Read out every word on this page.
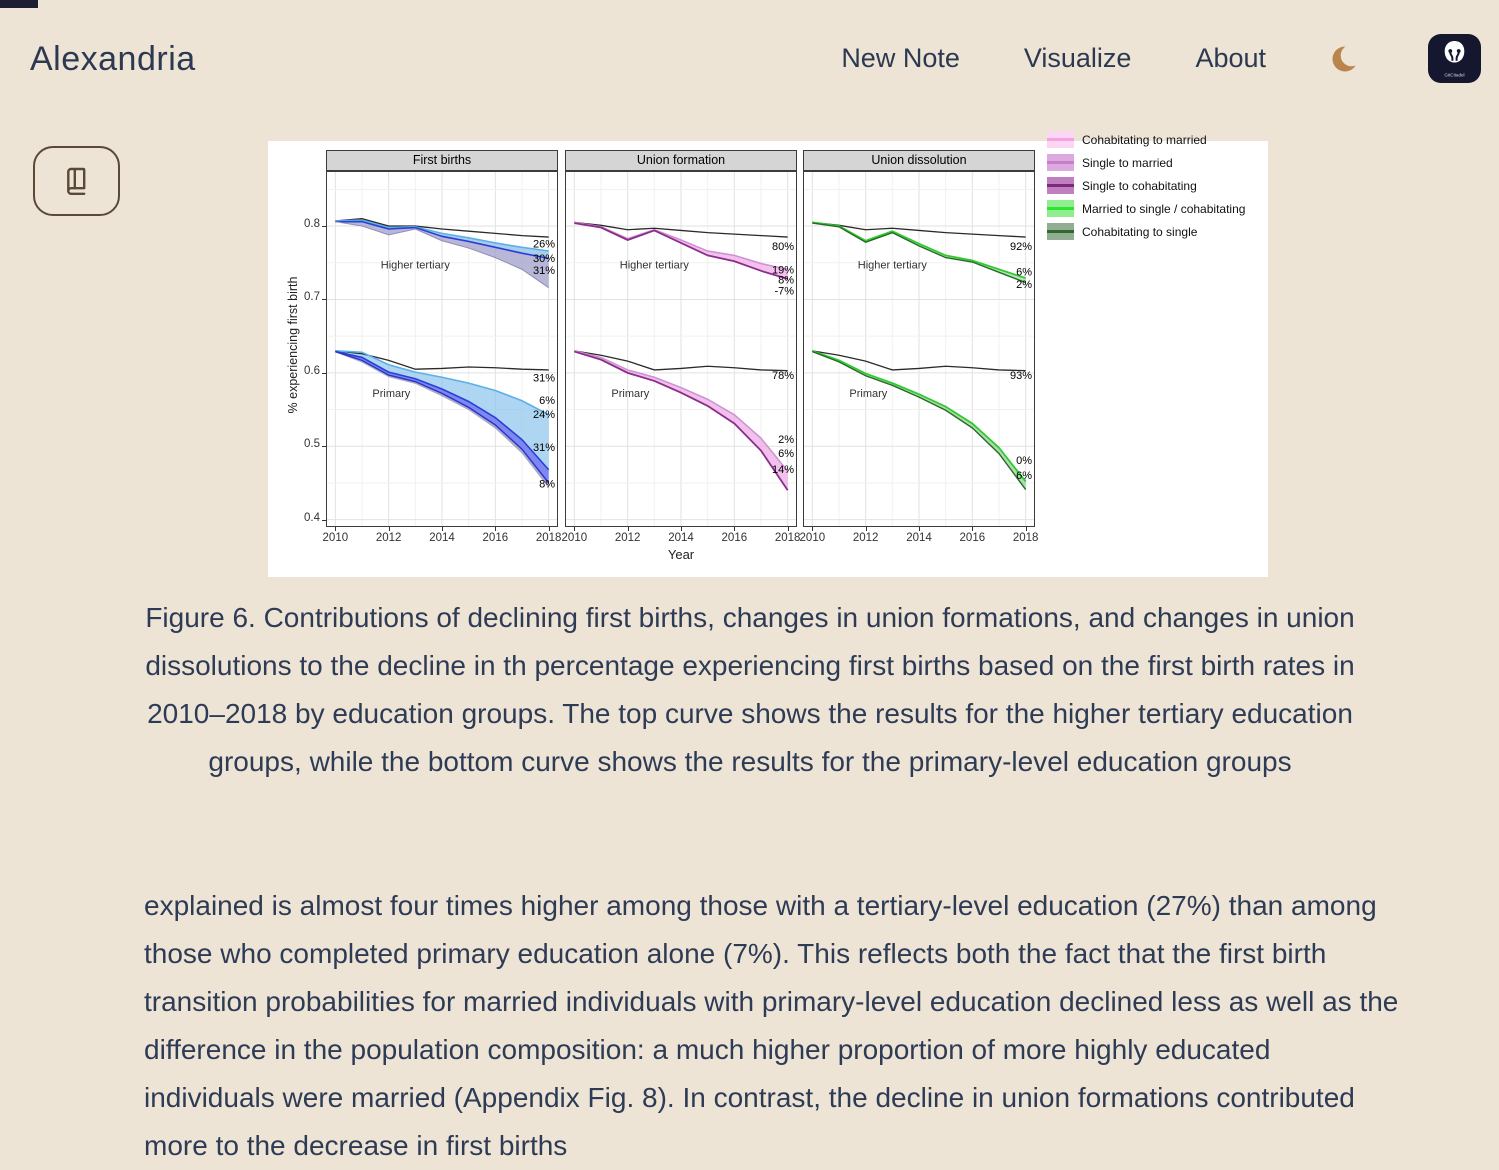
Alexandria	New Note Visualize About
GitCitadel
% experiencing first birth
0.4
0.5
0.6
0.7
0.8
First births
Higher tertiary
26%
30%
31%
Primary
31%
6%
24%
31%
8%
2010 2012 2014 2016 2018
Union formation
Higher tertiary
80%
19%
8%
-7%
Primary
78%
2%
6%
14%
2010 2012 2014 2016 2018
Union dissolution
Higher tertiary
92%
6%
2%
Primary
93%
0%
6%
2010 2012 2014 2016 2018
Year
Cohabitating to married
Single to married
Single to cohabitating
Married to single / cohabitating
Cohabitating to single
Figure 6. Contributions of declining first births, changes in union formations, and changes in union dissolutions to the decline in th percentage experiencing first births based on the first birth rates in 2010–2018 by education groups. The top curve shows the results for the higher tertiary education groups, while the bottom curve shows the results for the primary-level education groups
explained is almost four times higher among those with a tertiary-level education (27%) than among those who completed primary education alone (7%). This reflects both the fact that the first birth transition probabilities for married individuals with primary-level education declined less as well as the difference in the population composition: a much higher proportion of more highly educated individuals were married (Appendix Fig. 8). In contrast, the decline in union formations contributed more to the decrease in first births
